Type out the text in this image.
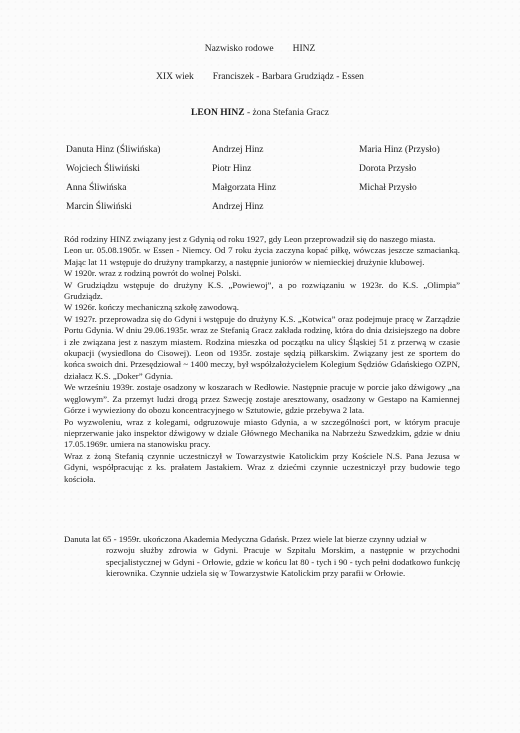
Nazwisko rodowe HINZ
XIX wiek Franciszek - Barbara Grudziądz - Essen
LEON HINZ - żona Stefania Gracz
Danuta Hinz (Śliwińska)	Andrzej Hinz	Maria Hinz (Przysło)
Wojciech Śliwiński	Piotr Hinz	Dorota Przysło
Anna Śliwińska	Małgorzata Hinz	Michał Przysło
Marcin Śliwiński	Andrzej Hinz

Ród rodziny HINZ związany jest z Gdynią od roku 1927, gdy Leon przeprowadził się do naszego miasta.

Leon ur. 05.08.1905r. w Essen - Niemcy. Od 7 roku życia zaczyna kopać piłkę, wówczas jeszcze szmacianką. Mając lat 11 wstępuje do drużyny trampkarzy, a następnie juniorów w niemieckiej drużynie klubowej.

W 1920r. wraz z rodziną powrót do wolnej Polski.

W Grudziądzu wstępuje do drużyny K.S. „Powiewoj”, a po rozwiązaniu w 1923r. do K.S. „Olimpia” Grudziądz.

W 1926r. kończy mechaniczną szkołę zawodową.

W 1927r. przeprowadza się do Gdyni i wstępuje do drużyny K.S. „Kotwica” oraz podejmuje pracę w Zarządzie Portu Gdynia. W dniu 29.06.1935r. wraz ze Stefanią Gracz zakłada rodzinę, która do dnia dzisiejszego na dobre i złe związana jest z naszym miastem. Rodzina mieszka od początku na ulicy Śląskiej 51 z przerwą w czasie okupacji (wysiedlona do Cisowej). Leon od 1935r. zostaje sędzią piłkarskim. Związany jest ze sportem do końca swoich dni. Przesędziował ~ 1400 meczy, był współzałożycielem Kolegium Sędziów Gdańskiego OZPN, działacz K.S. „Doker” Gdynia.

We wrześniu 1939r. zostaje osadzony w koszarach w Redłowie. Następnie pracuje w porcie jako dźwigowy „na węglowym”. Za przemyt ludzi drogą przez Szwecję zostaje aresztowany, osadzony w Gestapo na Kamiennej Górze i wywieziony do obozu koncentracyjnego w Sztutowie, gdzie przebywa 2 lata.

Po wyzwoleniu, wraz z kolegami, odgruzowuje miasto Gdynia, a w szczególności port, w którym pracuje nieprzerwanie jako inspektor dźwigowy w dziale Głównego Mechanika na Nabrzeżu Szwedzkim, gdzie w dniu 17.05.1969r. umiera na stanowisku pracy.

Wraz z żoną Stefanią czynnie uczestniczył w Towarzystwie Katolickim przy Kościele N.S. Pana Jezusa w Gdyni, współpracując z ks. prałatem Jastakiem. Wraz z dziećmi czynnie uczestniczył przy budowie tego kościoła.

Danuta lat 65 - 1959r. ukończona Akademia Medyczna Gdańsk. Przez wiele lat bierze czynny udział w
rozwoju służby zdrowia w Gdyni. Pracuje w Szpitalu Morskim, a następnie w przychodni specjalistycznej w Gdyni - Orłowie, gdzie w końcu lat 80 - tych i 90 - tych pełni dodatkowo funkcję kierownika. Czynnie udziela się w Towarzystwie Katolickim przy parafii w Orłowie.
